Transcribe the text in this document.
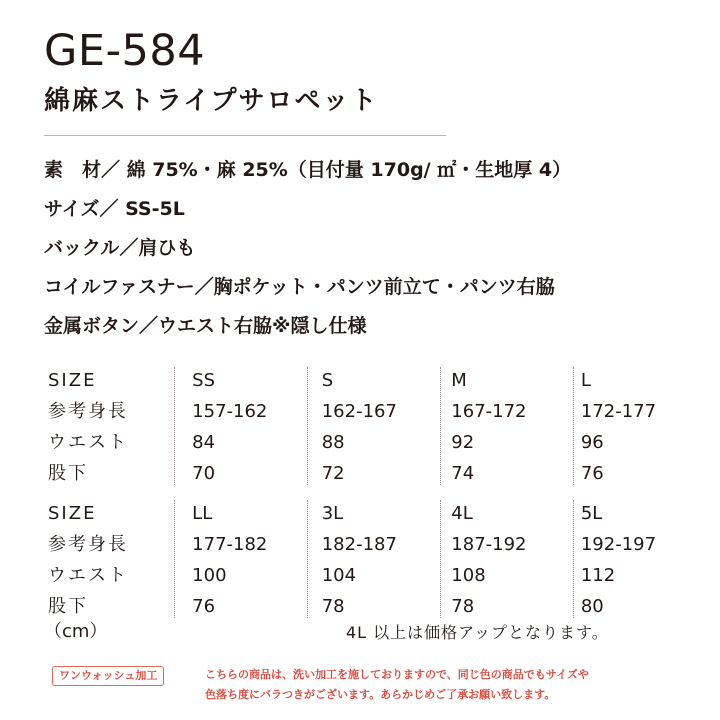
GE-584
綿麻ストライプサロペット
素　材／ 綿 75%・麻 25%（目付量 170g/ ㎡・生地厚 4）
サイズ／ SS-5L
バックル／肩ひも
コイルファスナー／胸ポケット・パンツ前立て・パンツ右脇
金属ボタン／ウエスト右脇※隠し仕様
SIZE	SS	S	M	L
参考身長	157-162	162-167	167-172	172-177
ウエスト	84	88	92	96
股下	70	72	74	76
SIZE	LL	3L	4L	5L
参考身長	177-182	182-187	187-192	192-197
ウエスト	100	104	108	112
股下	76	78	78	80
（cm）	4L 以上は価格アップとなります。
ワンウォッシュ加工	こちらの商品は、洗い加工を施しておりますので、同じ色の商品でもサイズや
色落ち度にバラつきがございます。あらかじめご了承お願い致します。
